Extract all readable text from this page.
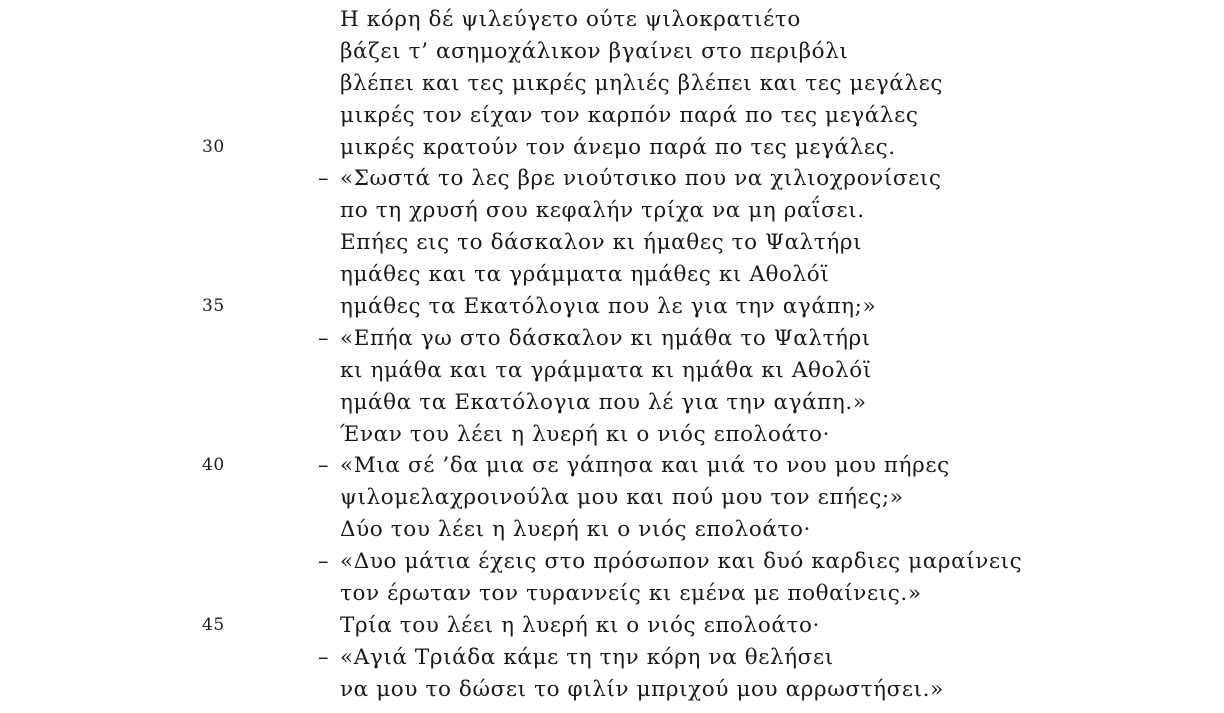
Η κόρη δέ ψιλεύγετο ούτε ψιλοκρατιέτο
βάζει τ’ ασημοχάλικον βγαίνει στο περιβόλι
βλέπει και τες μικρές μηλιές βλέπει και τες μεγάλες
μικρές τον είχαν τον καρπόν παρά πο τες μεγάλες
30	μικρές κρατούν τον άνεμο παρά πο τες μεγάλες.
– «Σωστά το λες βρε νιούτσικο που να χιλιοχρονίσεις
πο τη χρυσή σου κεφαλήν τρίχα να μη ραΐσει.
Επήες εις το δάσκαλον κι ήμαθες το Ψαλτήρι
ημάθες και τα γράμματα ημάθες κι Αθολόϊ
35	ημάθες τα Εκατόλογια που λε για την αγάπη;»
– «Επήα γω στο δάσκαλον κι ημάθα το Ψαλτήρι
κι ημάθα και τα γράμματα κι ημάθα κι Αθολόϊ
ημάθα τα Εκατόλογια που λέ για την αγάπη.»
Έναν του λέει η λυερή κι ο νιός επολοάτο·
40	– «Μια σέ ’δα μια σε γάπησα και μιά το νου μου πήρες
ψιλομελαχροινούλα μου και πού μου τον επήες;»
Δύο του λέει η λυερή κι ο νιός επολοάτο·
– «Δυο μάτια έχεις στο πρόσωπον και δυό καρδιες μαραίνεις
τον έρωταν τον τυραννείς κι εμένα με ποθαίνεις.»
45	Τρία του λέει η λυερή κι ο νιός επολοάτο·
– «Αγιά Τριάδα κάμε τη την κόρη να θελήσει
να μου το δώσει το φιλίν μπριχού μου αρρωστήσει.»
